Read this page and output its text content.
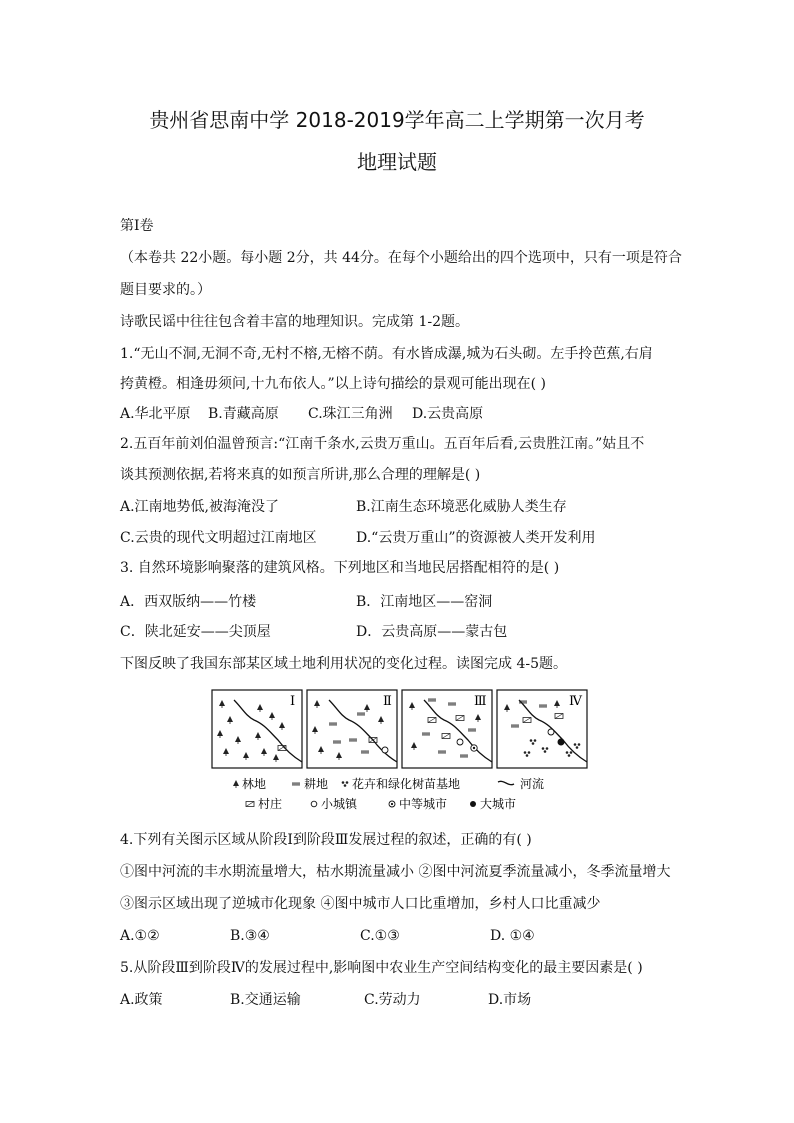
贵州省思南中学 2018-2019学年高二上学期第一次月考
地理试题
第Ⅰ卷
（本卷共 22小题。每小题 2分，共 44分。在每个小题给出的四个选项中，只有一项是符合
题目要求的。）
诗歌民谣中往往包含着丰富的地理知识。完成第 1-2题。
1.“无山不洞,无洞不奇,无村不榕,无榕不荫。有水皆成瀑,城为石头砌。左手拎芭蕉,右肩
挎黄橙。相逢毋须问,十九布依人。”以上诗句描绘的景观可能出现在( )
A.华北平原 B.青藏高原 C.珠江三角洲 D.云贵高原
2.五百年前刘伯温曾预言:“江南千条水,云贵万重山。五百年后看,云贵胜江南。”姑且不
谈其预测依据,若将来真的如预言所讲,那么合理的理解是( )
A.江南地势低,被海淹没了	B.江南生态环境恶化威胁人类生存
C.云贵的现代文明超过江南地区	D.“云贵万重山”的资源被人类开发利用
3. 自然环境影响聚落的建筑风格。下列地区和当地民居搭配相符的是( )
A．西双版纳——竹楼	B．江南地区——窑洞
C．陕北延安——尖顶屋	D．云贵高原——蒙古包
下图反映了我国东部某区域土地利用状况的变化过程。读图完成 4-5题。
Ⅰ	Ⅱ	Ⅲ	Ⅳ
林地	耕地 花卉和绿化树苗基地	河流
村庄	小城镇	中等城市	大城市
4.下列有关图示区域从阶段Ⅰ到阶段Ⅲ发展过程的叙述，正确的有( )
①图中河流的丰水期流量增大，枯水期流量减小 ②图中河流夏季流量减小，冬季流量增大
③图示区域出现了逆城市化现象 ④图中城市人口比重增加，乡村人口比重减少
A.①②	B.③④	C.①③	D. ①④
5.从阶段Ⅲ到阶段Ⅳ的发展过程中,影响图中农业生产空间结构变化的最主要因素是( )
A.政策	B.交通运输	C.劳动力	D.市场
